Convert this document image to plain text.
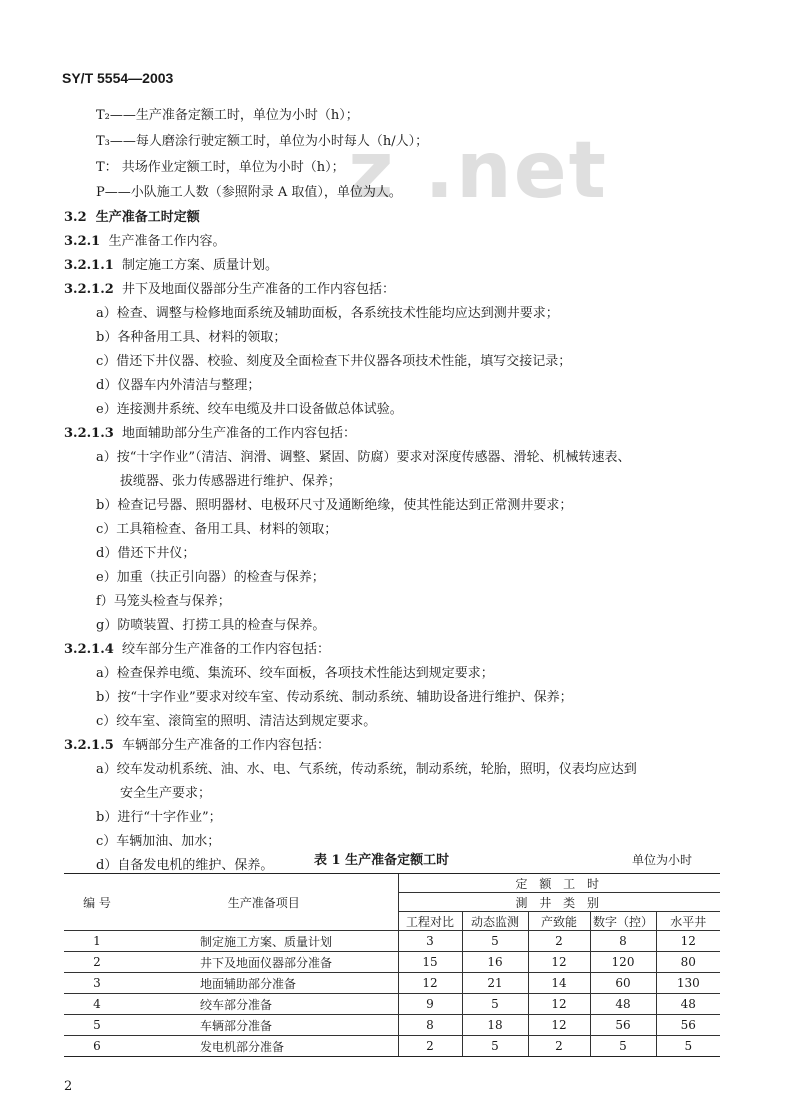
SY/T 5554—2003
z .net
T₂——生产准备定额工时，单位为小时（h）；
T₃——每人磨涂行驶定额工时，单位为小时每人（h/人）；
T： 共场作业定额工时，单位为小时（h）；
P——小队施工人数（参照附录 A 取值），单位为人。
3.2 生产准备工时定额
3.2.1 生产准备工作内容。
3.2.1.1 制定施工方案、质量计划。
3.2.1.2 井下及地面仪器部分生产准备的工作内容包括：
a）检查、调整与检修地面系统及辅助面板，各系统技术性能均应达到测井要求；
b）各种备用工具、材料的领取；
c）借还下井仪器、校验、刻度及全面检查下井仪器各项技术性能，填写交接记录；
d）仪器车内外清洁与整理；
e）连接测井系统、绞车电缆及井口设备做总体试验。
3.2.1.3 地面辅助部分生产准备的工作内容包括：
a）按“十字作业”（清洁、润滑、调整、紧固、防腐）要求对深度传感器、滑轮、机械转速表、
拔缆器、张力传感器进行维护、保养；
b）检查记号器、照明器材、电极环尺寸及通断绝缘，使其性能达到正常测井要求；
c）工具箱检查、备用工具、材料的领取；
d）借还下井仪；
e）加重（扶正引向器）的检查与保养；
f）马笼头检查与保养；
g）防喷装置、打捞工具的检查与保养。
3.2.1.4 绞车部分生产准备的工作内容包括：
a）检查保养电缆、集流环、绞车面板，各项技术性能达到规定要求；
b）按“十字作业”要求对绞车室、传动系统、制动系统、辅助设备进行维护、保养；
c）绞车室、滚筒室的照明、清洁达到规定要求。
3.2.1.5 车辆部分生产准备的工作内容包括：
a）绞车发动机系统、油、水、电、气系统，传动系统，制动系统，轮胎，照明，仪表均应达到
安全生产要求；
b）进行“十字作业”；
c）车辆加油、加水；
d）自备发电机的维护、保养。	表 1 生产准备定额工时	单位为小时
编 号	生产准备项目	定 额 工 时				
		測 井 类 别				
		工程对比	动态监测	产致能	数字（控）	水平井
1	制定施工方案、质量计划	3	5	2	8	12
2	井下及地面仪器部分准备	15	16	12	120	80
3	地面辅助部分准备	12	21	14	60	130
4	绞车部分准备	9	5	12	48	48
5	车辆部分准备	8	18	12	56	56
6	发电机部分准备	2	5	2	5	5
2
